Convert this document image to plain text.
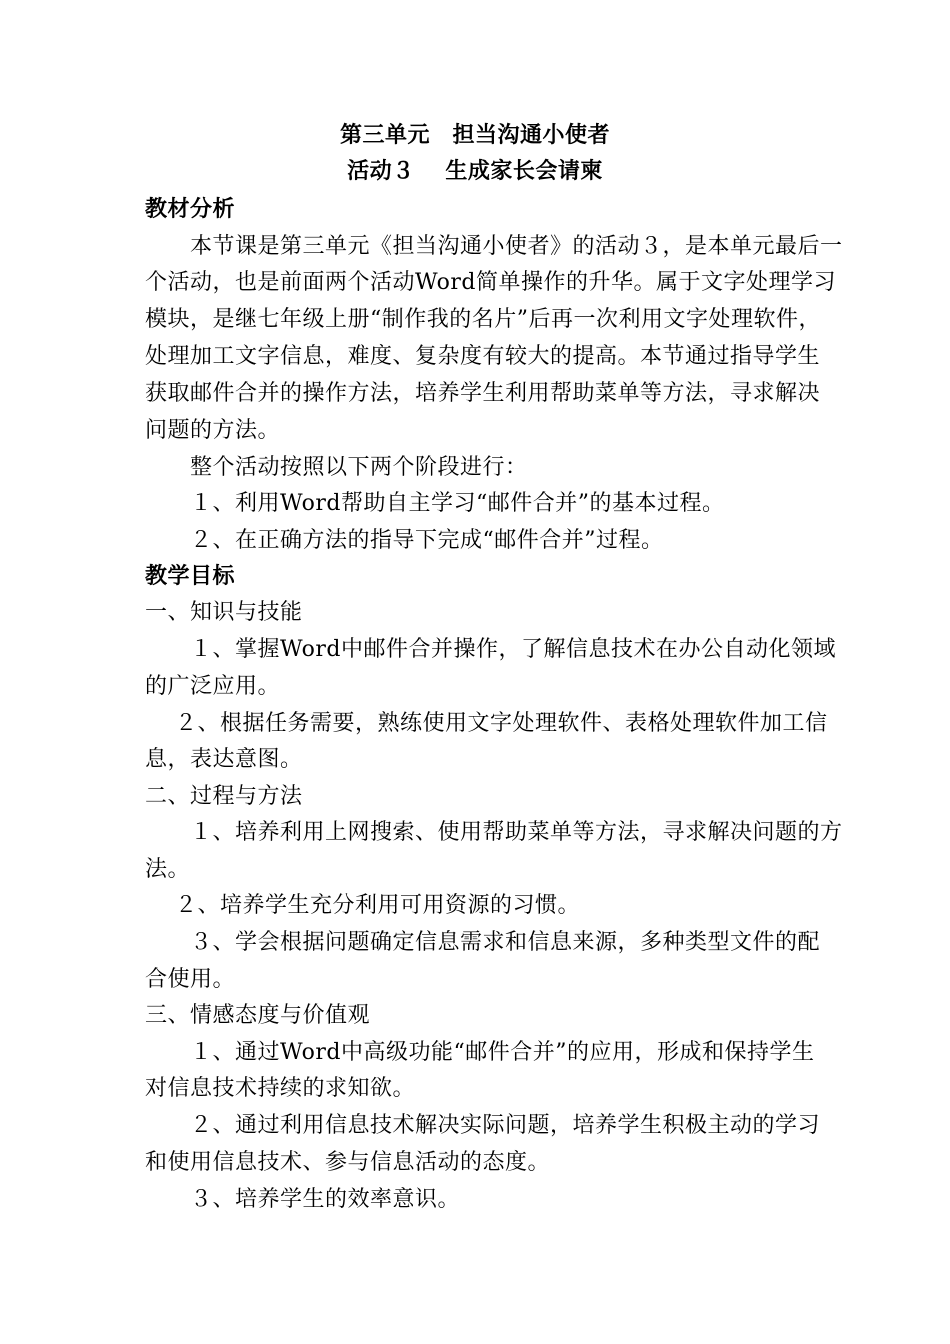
第三单元　担当沟通小使者
活动３　 生成家长会请柬
教材分析
　　本节课是第三单元《担当沟通小使者》的活动３，是本单元最后一
个活动，也是前面两个活动Word简单操作的升华。属于文字处理学习
模块，是继七年级上册“制作我的名片”后再一次利用文字处理软件，
处理加工文字信息，难度、复杂度有较大的提高。本节通过指导学生
获取邮件合并的操作方法，培养学生利用帮助菜单等方法，寻求解决
问题的方法。
　　整个活动按照以下两个阶段进行：
　　１、利用Word帮助自主学习“邮件合并”的基本过程。
　　２、在正确方法的指导下完成“邮件合并”过程。
教学目标
一、知识与技能
　　１、掌握Word中邮件合并操作，了解信息技术在办公自动化领域
的广泛应用。
　 ２、根据任务需要，熟练使用文字处理软件、表格处理软件加工信
息，表达意图。
二、过程与方法
　　１、培养利用上网搜索、使用帮助菜单等方法，寻求解决问题的方
法。
　 ２、培养学生充分利用可用资源的习惯。
　　３、学会根据问题确定信息需求和信息来源，多种类型文件的配
合使用。
三、情感态度与价值观
　　１、通过Word中高级功能“邮件合并”的应用，形成和保持学生
对信息技术持续的求知欲。
　　２、通过利用信息技术解决实际问题，培养学生积极主动的学习
和使用信息技术、参与信息活动的态度。
　　３、培养学生的效率意识。
